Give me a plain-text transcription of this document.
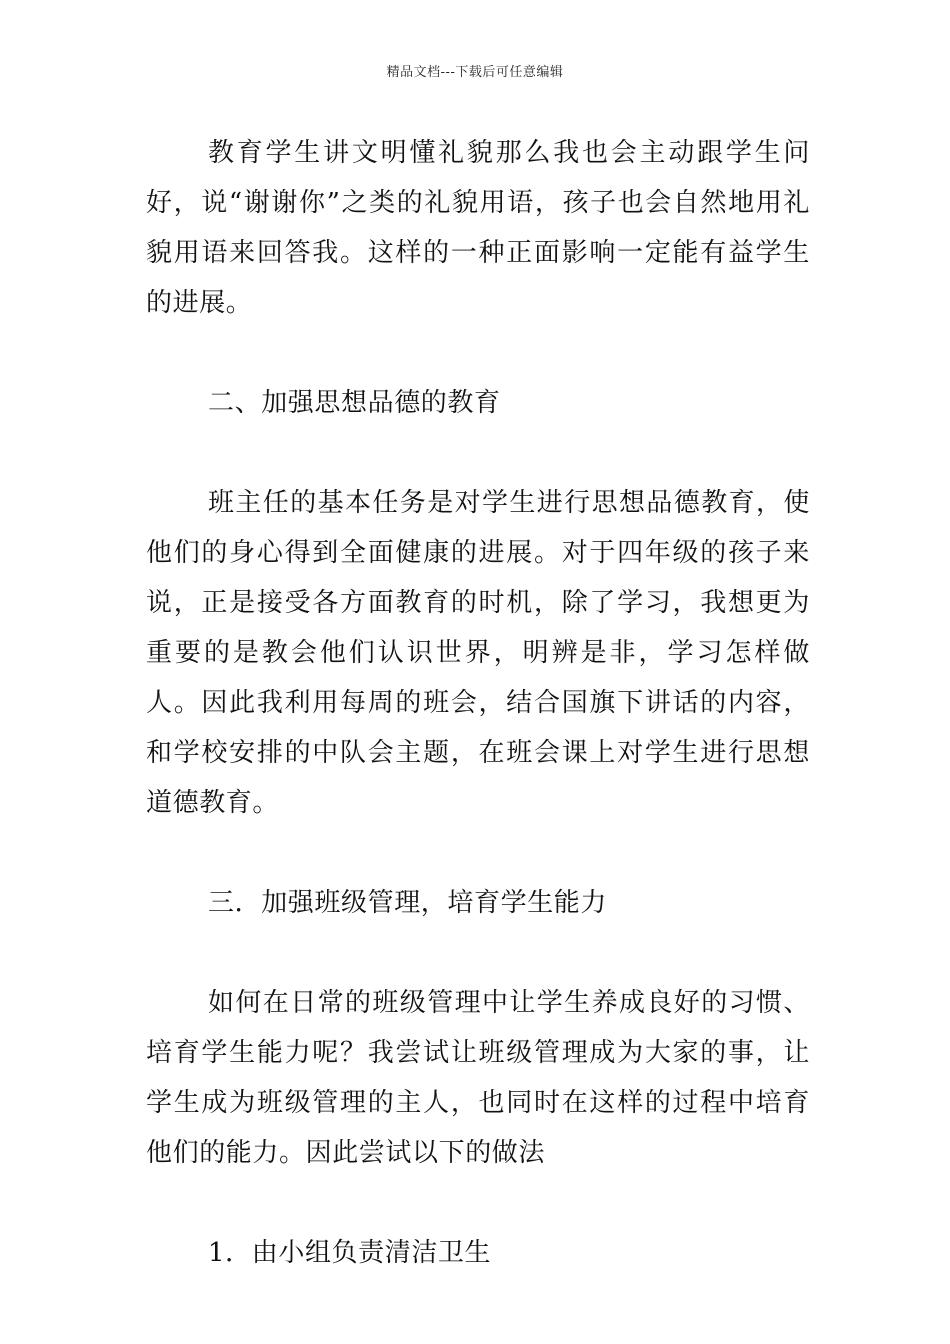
精品文档---下载后可任意编辑

教育学生讲文明懂礼貌那么我也会主动跟学生问好，说“谢谢你”之类的礼貌用语，孩子也会自然地用礼貌用语来回答我。这样的一种正面影响一定能有益学生的进展。

二、加强思想品德的教育

班主任的基本任务是对学生进行思想品德教育，使他们的身心得到全面健康的进展。对于四年级的孩子来说，正是接受各方面教育的时机，除了学习，我想更为重要的是教会他们认识世界，明辨是非，学习怎样做人。因此我利用每周的班会，结合国旗下讲话的内容，和学校安排的中队会主题，在班会课上对学生进行思想道德教育。

三．加强班级管理，培育学生能力

如何在日常的班级管理中让学生养成良好的习惯、培育学生能力呢？我尝试让班级管理成为大家的事，让学生成为班级管理的主人，也同时在这样的过程中培育他们的能力。因此尝试以下的做法

1．由小组负责清洁卫生
